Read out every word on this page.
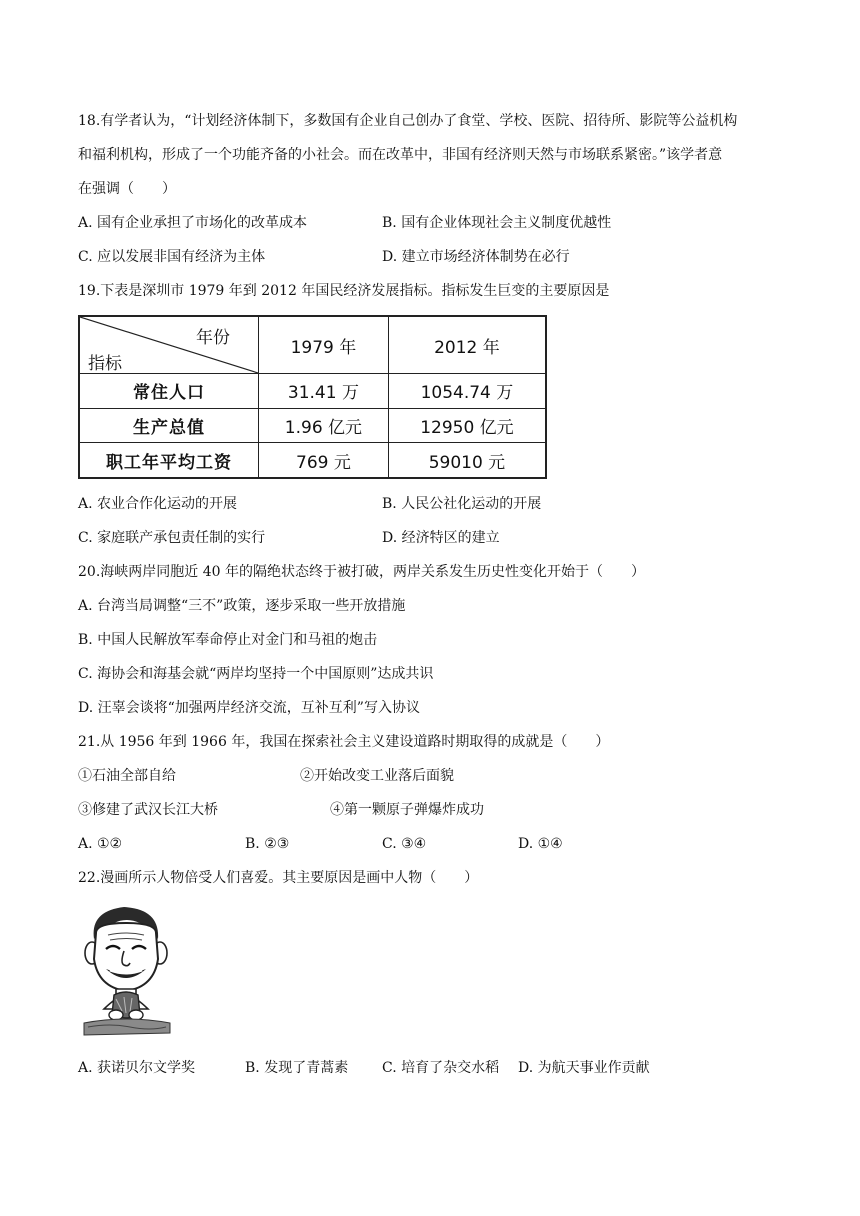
18.有学者认为，“计划经济体制下，多数国有企业自己创办了食堂、学校、医院、招待所、影院等公益机构
和福利机构，形成了一个功能齐备的小社会。而在改革中，非国有经济则天然与市场联系紧密。”该学者意
在强调（　　）
A. 国有企业承担了市场化的改革成本	B. 国有企业体现社会主义制度优越性
C. 应以发展非国有经济为主体	D. 建立市场经济体制势在必行
19.下表是深圳市 1979 年到 2012 年国民经济发展指标。指标发生巨变的主要原因是
年份
指标	1979 年	2012 年
常住人口	31.41 万	1054.74 万
生产总值	1.96 亿元	12950 亿元
职工年平均工资	769 元	59010 元
A. 农业合作化运动的开展	B. 人民公社化运动的开展
C. 家庭联产承包责任制的实行	D. 经济特区的建立
20.海峡两岸同胞近 40 年的隔绝状态终于被打破，两岸关系发生历史性变化开始于（　　）
A. 台湾当局调整“三不”政策，逐步采取一些开放措施
B. 中国人民解放军奉命停止对金门和马祖的炮击
C. 海协会和海基会就“两岸均坚持一个中国原则”达成共识
D. 汪辜会谈将“加强两岸经济交流，互补互利”写入协议
21.从 1956 年到 1966 年，我国在探索社会主义建设道路时期取得的成就是（　　）
①石油全部自给	②开始改变工业落后面貌
③修建了武汉长江大桥	④第一颗原子弹爆炸成功
A. ①②	B. ②③	C. ③④	D. ①④
22.漫画所示人物倍受人们喜爱。其主要原因是画中人物（　　）
A. 获诺贝尔文学奖	B. 发现了青蒿素 C. 培育了杂交水稻 D. 为航天事业作贡献
